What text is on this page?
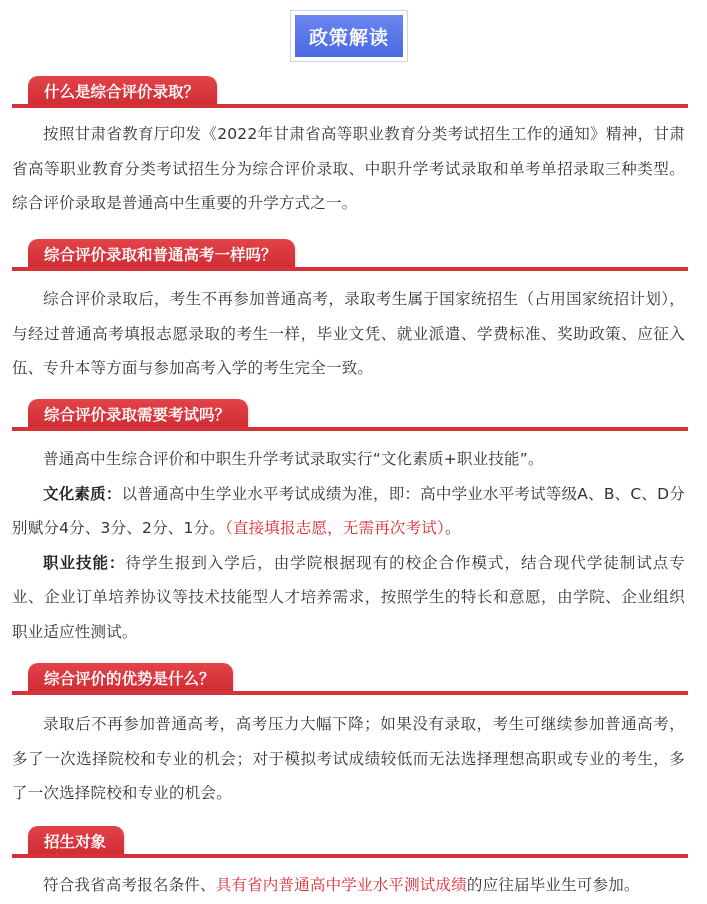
政策解读
什么是综合评价录取？

按照甘肃省教育厅印发《2022年甘肃省高等职业教育分类考试招生工作的通知》精神，甘肃省高等职业教育分类考试招生分为综合评价录取、中职升学考试录取和单考单招录取三种类型。 综合评价录取是普通高中生重要的升学方式之一。

综合评价录取和普通高考一样吗？

综合评价录取后，考生不再参加普通高考，录取考生属于国家统招生（占用国家统招计划），与经过普通高考填报志愿录取的考生一样，毕业文凭、就业派遣、学费标准、奖助政策、应征入伍、专升本等方面与参加高考入学的考生完全一致。

综合评价录取需要考试吗？

普通高中生综合评价和中职生升学考试录取实行“文化素质+职业技能”。

文化素质：以普通高中生学业水平考试成绩为准，即：高中学业水平考试等级A、B、C、D分别赋分4分、3分、2分、1分。（直接填报志愿，无需再次考试）。

职业技能：待学生报到入学后，由学院根据现有的校企合作模式，结合现代学徒制试点专业、企业订单培养协议等技术技能型人才培养需求，按照学生的特长和意愿，由学院、企业组织职业适应性测试。

综合评价的优势是什么？

录取后不再参加普通高考，高考压力大幅下降；如果没有录取，考生可继续参加普通高考，多了一次选择院校和专业的机会；对于模拟考试成绩较低而无法选择理想高职或专业的考生，多了一次选择院校和专业的机会。

招生对象

符合我省高考报名条件、具有省内普通高中学业水平测试成绩的应往届毕业生可参加。
